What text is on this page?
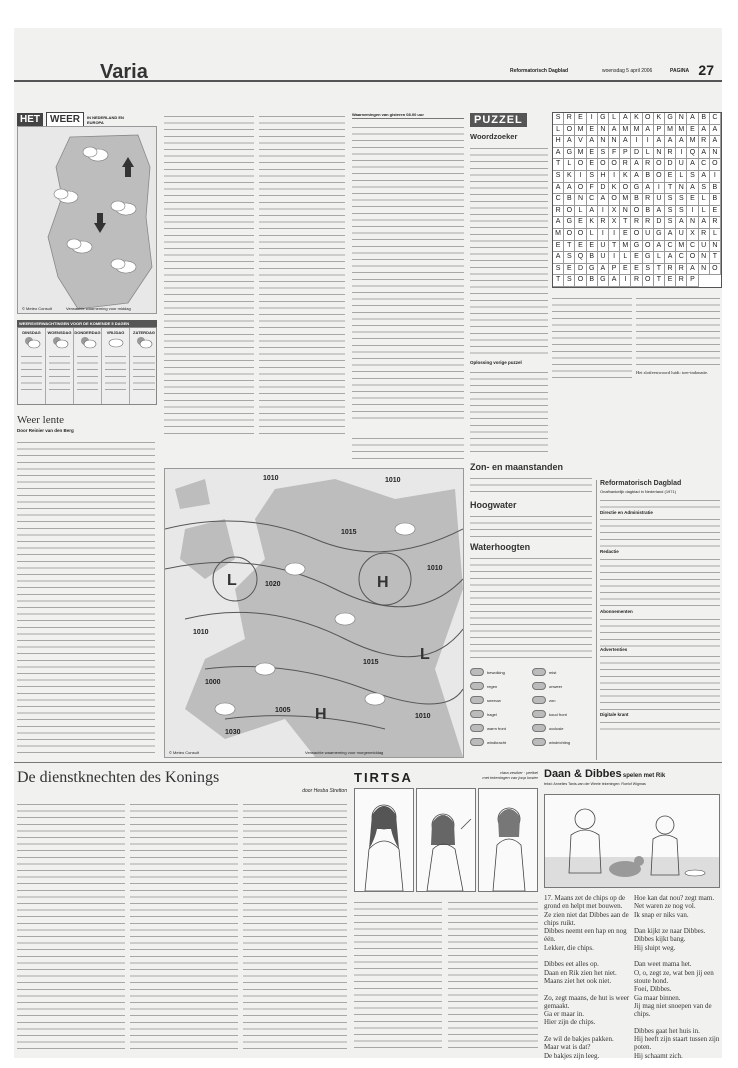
Varia	Reformatorisch Dagblad	woensdag 5 april 2006	PAGINA 27
HET	WEER	IN NEDERLAND EN EUROPA
© Meteo Consult	Verwachte waarneming voor middag
WEERSVERWACHTINGEN VOOR DE KOMENDE 5 DAGEN
DINSDAG	WOENSDAG DONDERDAG	VRIJDAG	ZATERDAG
Weer lente
Door Reinier van den Berg
Waarnemingen van gisteren 08.00 uur
L	H
H
L
1010	1010
1015
1020
1010
1010
1000
1005
1010
1015
1030
© Meteo Consult	Verwachte waarneming voor morgenmiddag
PUZZEL
Woordzoeker
Oplossing vorige puzzel
S R E	I	G L A K O K G N A B C
L O M E N A M M A P M M E A A
H A V A N N A	I	I	A A A M R A
A G M E S F P D L N R	I	Q A N
T	L O E O O R A R O D U A C O
S K	I	S H	I	K A B O E L S A	I
A A O F D K O G A	I	T N A S B
C B N C A O M B R U S S E L B
R O L A	I	X N O B A S S	I	L E
A G E K R X T R R D S A N A R
M O O L	I	I	E O U G A U X R L
E T E E U T M G O A C M C U N
A S Q B U	I	L E G L A C O N T
S E D G A P E E S T R R A N O
T S O B G A	I	R O T E R P
Het slotfeestwoord luidt: toer-indonatie.
Zon- en maanstanden
Hoogwater
Waterhoogten
bewolking	mist
regen	onweer
sneeuw	zon
hagel	koud front
warm front	occlusie
windkracht	windrichting
Reformatorisch Dagblad
Onafhankelijk dagblad in Nederland (1971)
Directie en Administratie
Redactie
Abonnementen
Advertenties
Digitale krant
De dienstknechten des Konings
door Hesba Stretton
TIRTSA	clara zeuiker · perikel
met tekeningen van joop koster Daan & Dibbes spelen met Rik
tekst: Annelies Tanis-van der Weele tekeningen: Roelof Wigmas
17. Maans zet de chips op de
grond en helpt met bouwen.
Ze zien niet dat Dibbes aan de
chips ruikt.
Dibbes neemt een hap en nog
één.
Lekker, die chips.

Dibbes eet alles op.
Daan en Rik zien het niet.
Maans ziet het ook niet.

Zo, zegt maans, de hut is weer
gemaakt.
Ga er maar in.
Hier zijn de chips.

Ze wil de bakjes pakken.
Maar wat is dat?
De bakjes zijn leeg.
Hoe kan dat nou? zegt mam.
Net waren ze nog vol.
Ik snap er niks van.

Dan kijkt ze naar Dibbes.
Dibbes kijkt bang.
Hij sluipt weg.

Dan weet mama het.
O, o, zegt ze, wat ben jij een
stoute hond.
Foei, Dibbes.
Ga maar binnen.
Jij mag niet snoepen van de
chips.

Dibbes gaat het huis in.
Hij heeft zijn staart tussen zijn
poten.
Hij schaamt zich.
